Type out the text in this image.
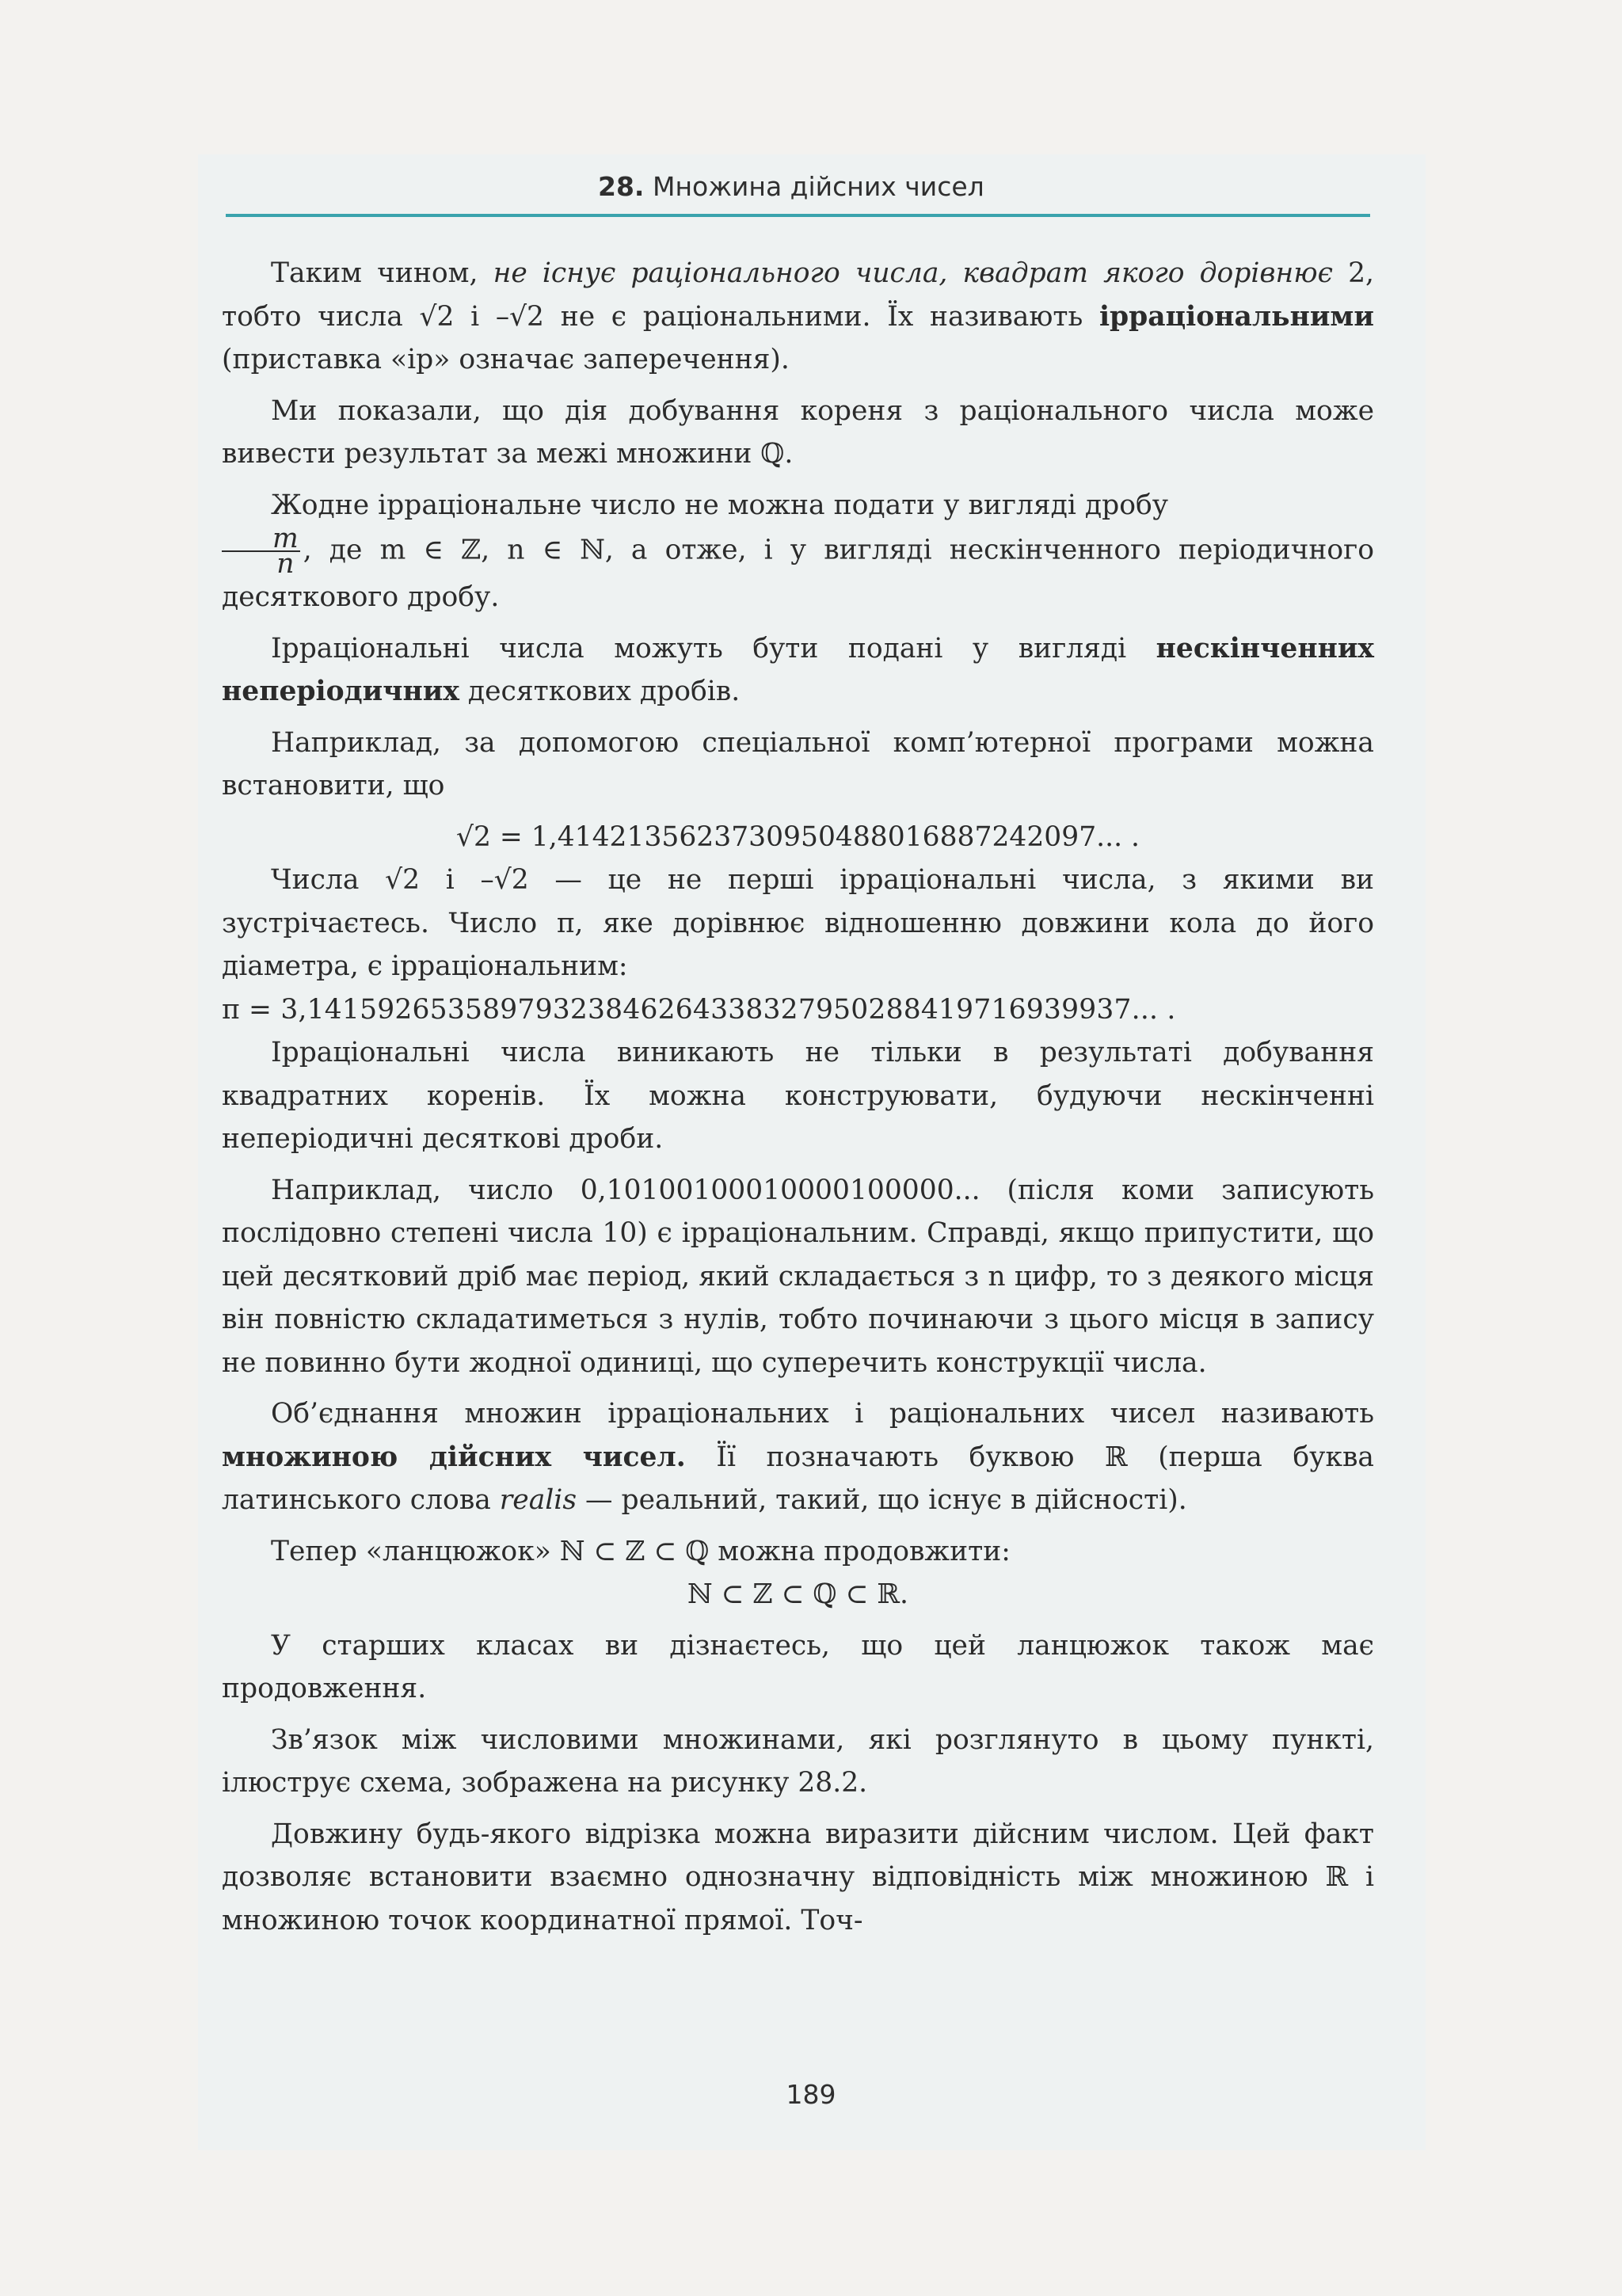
28. Множина дійсних чисел

Таким чином, не існує раціонального числа, квадрат якого дорівнює 2, тобто числа √2 і –√2 не є раціональними. Їх називають ірраціональними (приставка «ір» означає заперечення).

Ми показали, що дія добування кореня з раціонального числа може вивести результат за межі множини ℚ.

Жодне ірраціональне число не можна подати у вигляді дробу

$\frac{m}{n}$ , де m ∈ ℤ, n ∈ ℕ, а отже, і у вигляді нескінченного періодичного десяткового дробу.

Ірраціональні числа можуть бути подані у вигляді нескінченних неперіодичних десяткових дробів.

Наприклад, за допомогою спеціальної комп’ютерної програми можна встановити, що

√2 = 1,4142135623730950488016887242097... .

Числа √2 і –√2 — це не перші ірраціональні числа, з якими ви зустрічаєтесь. Число π, яке дорівнює відношенню довжини кола до його діаметра, є ірраціональним:

π = 3,14159265358979323846264338327950288419716939937... .

Ірраціональні числа виникають не тільки в результаті добування квадратних коренів. Їх можна конструювати, будуючи нескінченні неперіодичні десяткові дроби.

Наприклад, число 0,10100100010000100000... (після коми записують послідовно степені числа 10) є ірраціональним. Справді, якщо припустити, що цей десятковий дріб має період, який складається з n цифр, то з деякого місця він повністю складатиметься з нулів, тобто починаючи з цього місця в запису не повинно бути жодної одиниці, що суперечить конструкції числа.

Об’єднання множин ірраціональних і раціональних чисел називають множиною дійсних чисел. Її позначають буквою ℝ (перша буква латинського слова realis — реальний, такий, що існує в дійсності).

Тепер «ланцюжок» ℕ ⊂ ℤ ⊂ ℚ можна продовжити:

ℕ ⊂ ℤ ⊂ ℚ ⊂ ℝ.

У старших класах ви дізнаєтесь, що цей ланцюжок також має продовження.

Зв’язок між числовими множинами, які розглянуто в цьому пункті, ілюструє схема, зображена на рисунку 28.2.

Довжину будь-якого відрізка можна виразити дійсним числом. Цей факт дозволяє встановити взаємно однозначну відповідність між множиною ℝ і множиною точок координатної прямої. Точ-

189
